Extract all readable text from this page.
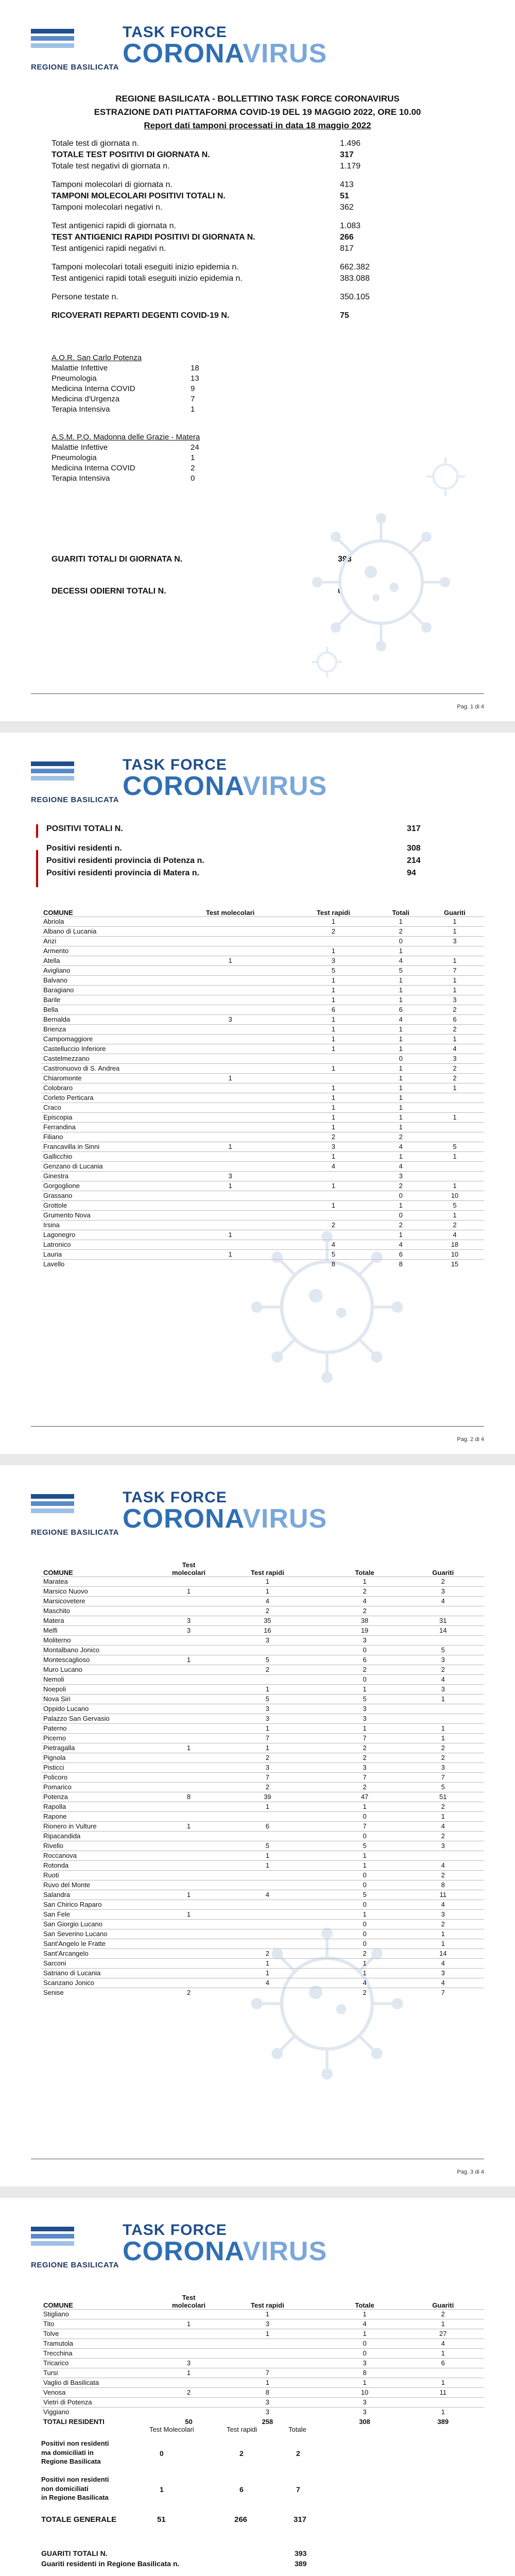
REGIONE BASILICATA
TASK FORCE
CORONAVIRUS
REGIONE BASILICATA - BOLLETTINO TASK FORCE CORONAVIRUS
ESTRAZIONE DATI PIATTAFORMA COVID-19 DEL 19 MAGGIO 2022, ORE 10.00
Report dati tamponi processati in data 18 maggio 2022
Totale test di giornata n.	1.496
TOTALE TEST POSITIVI DI GIORNATA N.	317
Totale test negativi di giornata n.	1.179
Tamponi molecolari di giornata n.	413
TAMPONI MOLECOLARI POSITIVI TOTALI N.	51
Tamponi molecolari negativi n.	362
Test antigenici rapidi di giornata n.	1.083
TEST ANTIGENICI RAPIDI POSITIVI DI GIORNATA N.	266
Test antigenici rapidi negativi n.	817
Tamponi molecolari totali eseguiti inizio epidemia n.	662.382
Test antigenici rapidi totali eseguiti inizio epidemia n.	383.088
Persone testate n.	350.105
RICOVERATI REPARTI DEGENTI COVID-19 N.	75
A.O.R. San Carlo Potenza
Malattie Infettive	18
Pneumologia	13
Medicina Interna COVID	9
Medicina d'Urgenza	7
Terapia Intensiva	1
A.S.M. P.O. Madonna delle Grazie - Matera
Malattie Infettive	24
Pneumologia	1
Medicina Interna COVID	2
Terapia Intensiva	0
GUARITI TOTALI DI GIORNATA N.	393
DECESSI ODIERNI TOTALI N.	0
Pag. 1 di 4
REGIONE BASILICATA
TASK FORCE
CORONAVIRUS
POSITIVI TOTALI N.	317
Positivi residenti n.	308
Positivi residenti provincia di Potenza n.	214
Positivi residenti provincia di Matera n.	94
COMUNE	Test molecolari	Test rapidi	Totali	Guariti
Abriola		1	1	1
Albano di Lucania		2	2	1
Anzi			0	3
Armento		1	1	
Atella	1	3	4	1
Avigliano		5	5	7
Balvano		1	1	1
Baragiano		1	1	1
Barile		1	1	3
Bella		6	6	2
Bernalda	3	1	4	6
Brienza		1	1	2
Campomaggiore		1	1	1
Castelluccio Inferiore		1	1	4
Castelmezzano			0	3
Castronuovo di S. Andrea		1	1	2
Chiaromonte	1		1	2
Colobraro		1	1	1
Corleto Perticara		1	1	
Craco		1	1	
Episcopia		1	1	1
Ferrandina		1	1	
Filiano		2	2	
Francavilla in Sinni	1	3	4	5
Gallicchio		1	1	1
Genzano di Lucania		4	4	
Ginestra	3		3	
Gorgoglione	1	1	2	1
Grassano			0	10
Grottole		1	1	5
Grumento Nova			0	1
Irsina		2	2	2
Lagonegro	1		1	4
Latronico		4	4	18
Lauria	1	5	6	10
Lavello		8	8	15
Pag. 2 di 4
REGIONE BASILICATA
TASK FORCE
CORONAVIRUS
COMUNE	Test molecolari	Test rapidi	Totale	Guariti
Maratea		1	1	2
Marsico Nuovo	1	1	2	3
Marsicovetere		4	4	4
Maschito		2	2	
Matera	3	35	38	31
Melfi	3	16	19	14
Moliterno		3	3	
Montalbano Jonico			0	5
Montescaglioso	1	5	6	3
Muro Lucano		2	2	2
Nemoli			0	4
Noepoli		1	1	3
Nova Siri		5	5	1
Oppido Lucano		3	3	
Palazzo San Gervasio		3	3	
Paterno		1	1	1
Picerno		7	7	1
Pietragalla	1	1	2	2
Pignola		2	2	2
Pisticci		3	3	3
Policoro		7	7	7
Pomarico		2	2	5
Potenza	8	39	47	51
Rapolla		1	1	2
Rapone			0	1
Rionero in Vulture	1	6	7	4
Ripacandida			0	2
Rivello		5	5	3
Roccanova		1	1	
Rotonda		1	1	4
Ruoti			0	2
Ruvo del Monte			0	8
Salandra	1	4	5	11
San Chirico Raparo			0	4
San Fele	1		1	3
San Giorgio Lucano			0	2
San Severino Lucano			0	1
Sant'Angelo le Fratte			0	1
Sant'Arcangelo		2	2	14
Sarconi		1	1	4
Satriano di Lucania		1	1	3
Scanzano Jonico		4	4	4
Senise	2		2	7
Pag. 3 di 4
REGIONE BASILICATA
TASK FORCE
CORONAVIRUS
COMUNE	Test molecolari	Test rapidi	Totale	Guariti
Stigliano		1	1	2
Tito	1	3	4	1
Tolve		1	1	27
Tramutola			0	4
Trecchina			0	1
Tricarico	3		3	6
Tursi	1	7	8	
Vaglio di Basilicata		1	1	1
Venosa	2	8	10	11
Vietri di Potenza		3	3	
Viggiano		3	3	1
TOTALI RESIDENTI	50	258	308	389
Test Molecolari	Test rapidi	Totale
Positivi non residenti
ma domiciliati in
Regione Basilicata
0	2	2
Positivi non residenti
non domiciliati
in Regione Basilicata
1	6	7
TOTALE GENERALE	51	266	317
GUARITI TOTALI N.	393
Guariti residenti in Regione Basilicata n.	389
